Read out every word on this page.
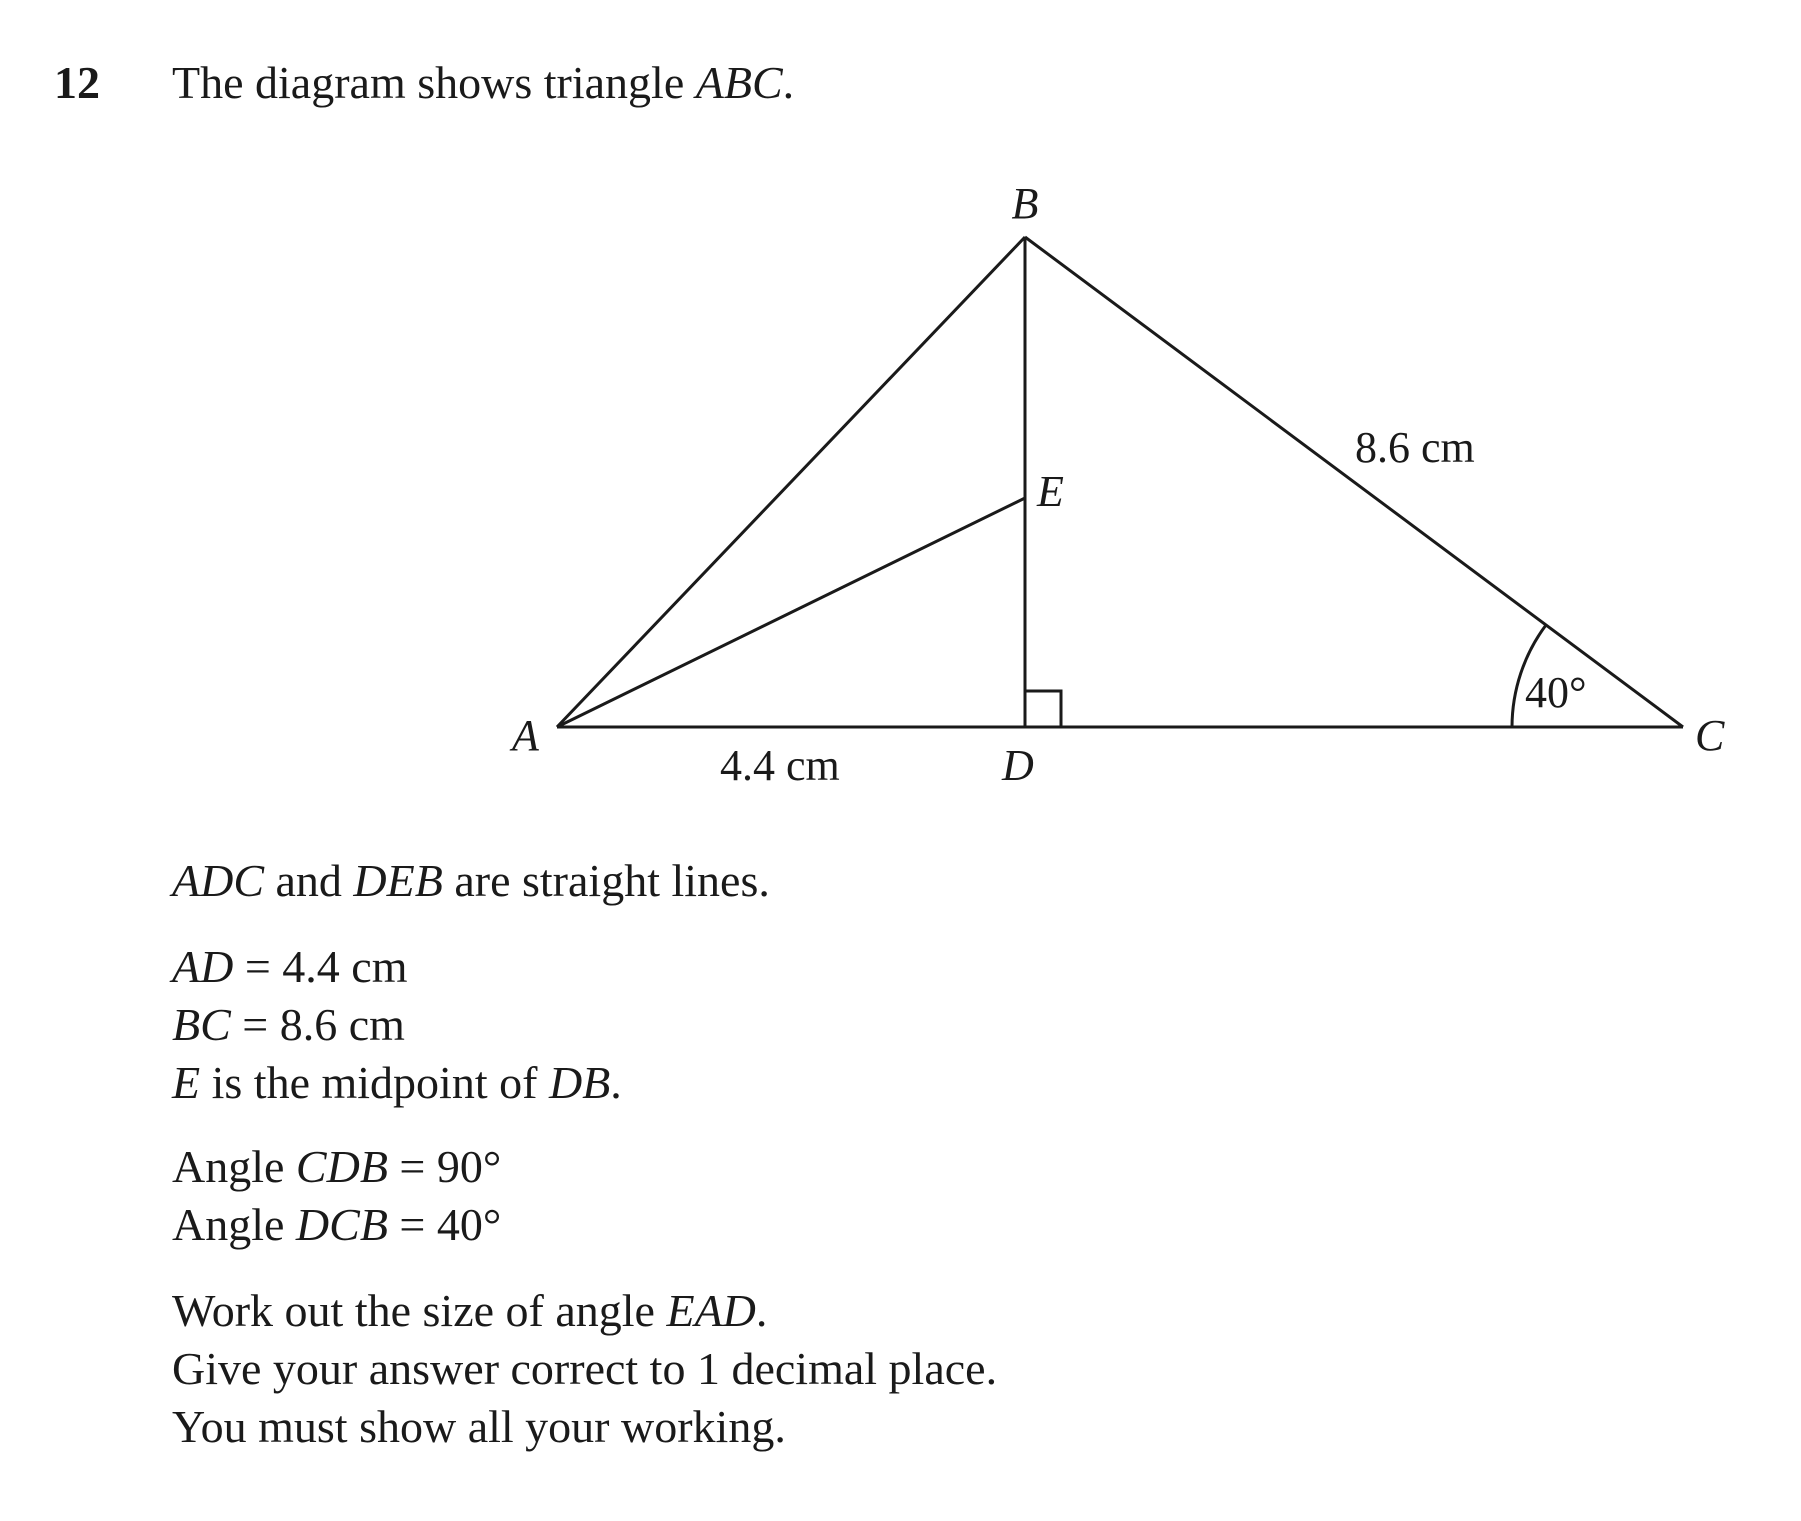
12 The diagram shows triangle ABC.
B
A	C
D
E
4.4 cm
8.6 cm
40°
ADC and DEB are straight lines.
AD = 4.4 cm
BC = 8.6 cm
E is the midpoint of DB.
Angle CDB = 90°
Angle DCB = 40°
Work out the size of angle EAD.
Give your answer correct to 1 decimal place.
You must show all your working.
